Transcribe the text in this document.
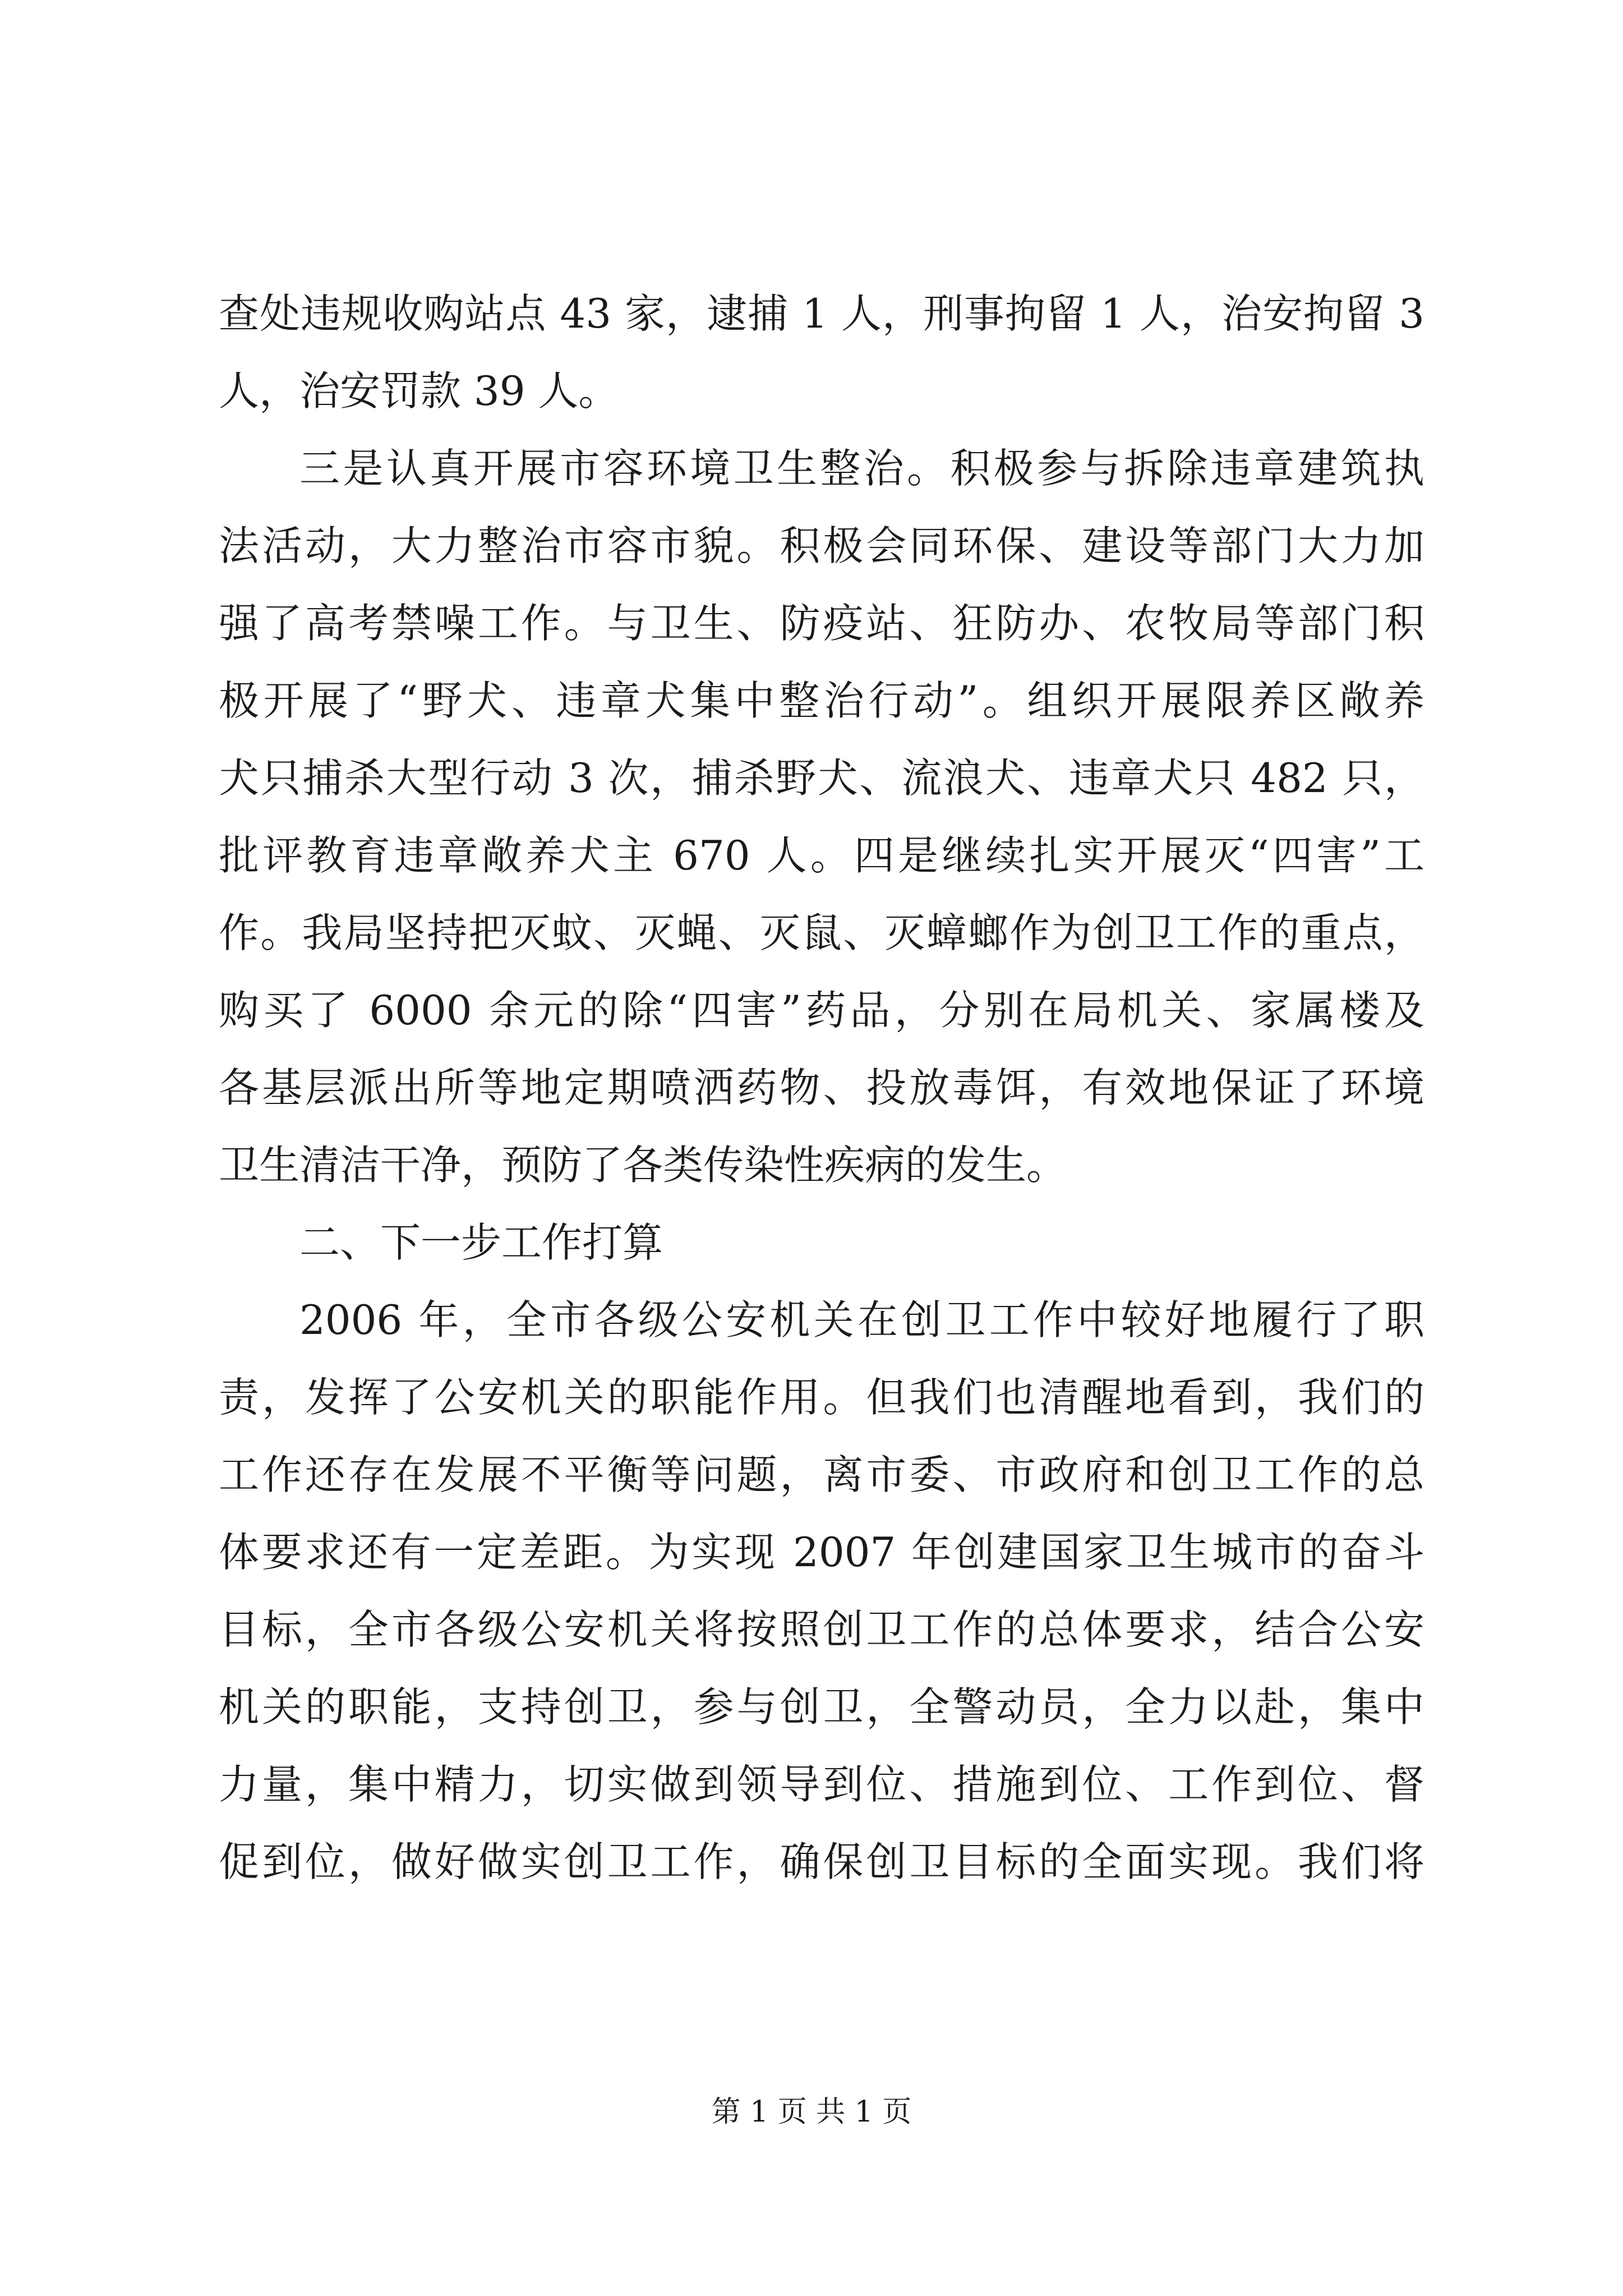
查处违规收购站点 43 家，逮捕 1 人，刑事拘留 1 人，治安拘留 3
人，治安罚款 39 人。
三是认真开展市容环境卫生整治。积极参与拆除违章建筑执
法活动，大力整治市容市貌。积极会同环保、建设等部门大力加
强了高考禁噪工作。与卫生、防疫站、狂防办、农牧局等部门积
极开展了“野犬、违章犬集中整治行动”。组织开展限养区敞养
犬只捕杀大型行动 3 次，捕杀野犬、流浪犬、违章犬只 482 只，
批评教育违章敞养犬主 670 人。四是继续扎实开展灭“四害”工
作。我局坚持把灭蚊、灭蝇、灭鼠、灭蟑螂作为创卫工作的重点，
购买了 6000 余元的除“四害”药品，分别在局机关、家属楼及
各基层派出所等地定期喷洒药物、投放毒饵，有效地保证了环境
卫生清洁干净，预防了各类传染性疾病的发生。
二、下一步工作打算
2006 年，全市各级公安机关在创卫工作中较好地履行了职
责，发挥了公安机关的职能作用。但我们也清醒地看到，我们的
工作还存在发展不平衡等问题，离市委、市政府和创卫工作的总
体要求还有一定差距。为实现 2007 年创建国家卫生城市的奋斗
目标，全市各级公安机关将按照创卫工作的总体要求，结合公安
机关的职能，支持创卫，参与创卫，全警动员，全力以赴，集中
力量，集中精力，切实做到领导到位、措施到位、工作到位、督
促到位，做好做实创卫工作，确保创卫目标的全面实现。我们将
第 1 页 共 1 页
